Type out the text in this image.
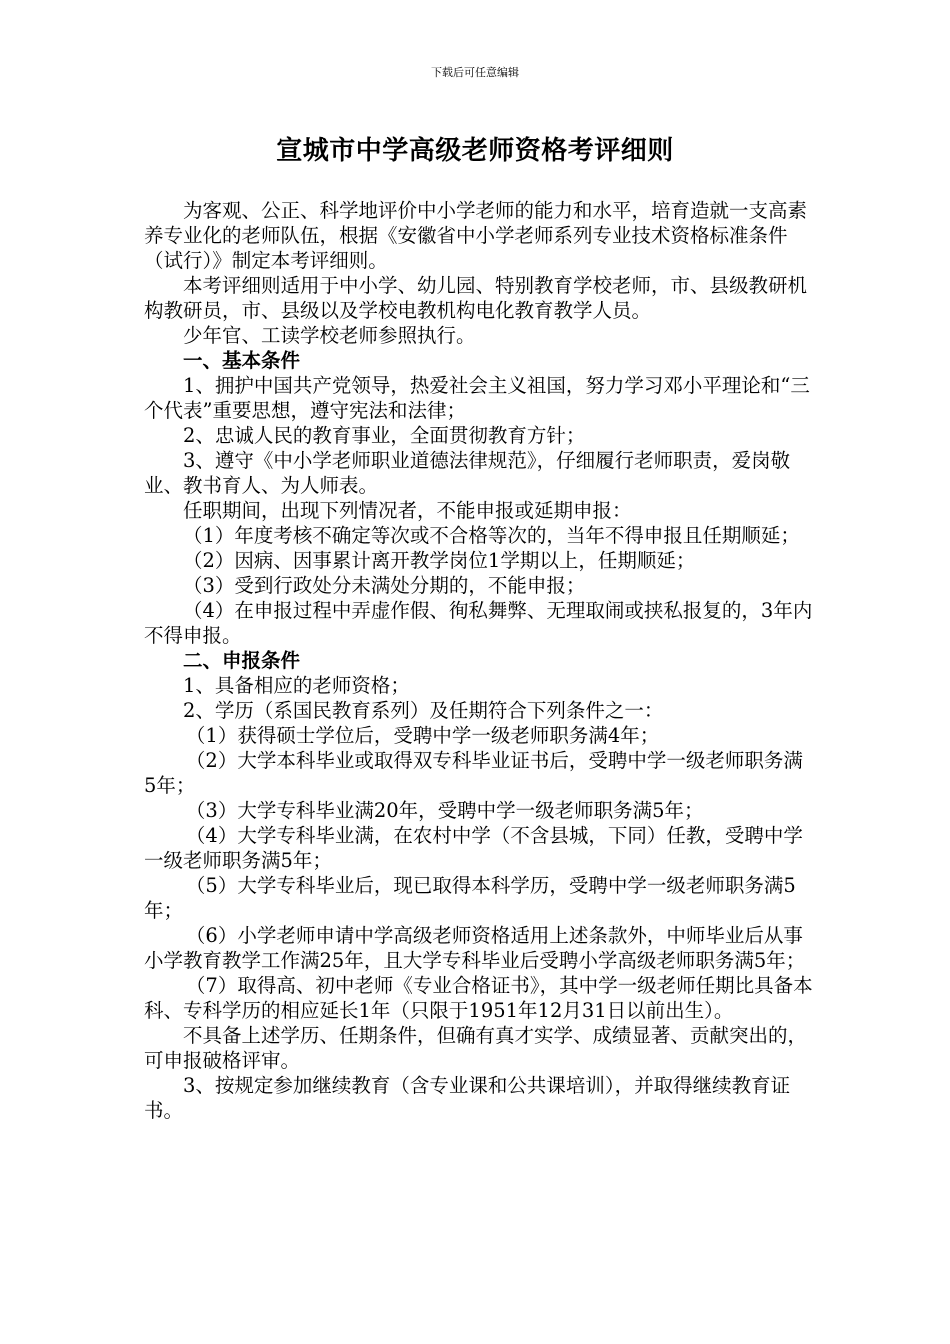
下载后可任意编辑
宣城市中学高级老师资格考评细则

为客观、公正、科学地评价中小学老师的能力和水平，培育造就一支高素养专业化的老师队伍，根据《安徽省中小学老师系列专业技术资格标准条件（试行）》制定本考评细则。

本考评细则适用于中小学、幼儿园、特别教育学校老师，市、县级教研机构教研员，市、县级以及学校电教机构电化教育教学人员。

少年官、工读学校老师参照执行。

一、基本条件

1、拥护中国共产党领导，热爱社会主义祖国，努力学习邓小平理论和“三个代表”重要思想，遵守宪法和法律；

2、忠诚人民的教育事业，全面贯彻教育方针；

3、遵守《中小学老师职业道德法律规范》，仔细履行老师职责，爱岗敬业、教书育人、为人师表。

任职期间，出现下列情况者，不能申报或延期申报：

（1）年度考核不确定等次或不合格等次的，当年不得申报且任期顺延；

（2）因病、因事累计离开教学岗位1学期以上，任期顺延；

（3）受到行政处分未满处分期的，不能申报；

（4）在申报过程中弄虚作假、徇私舞弊、无理取闹或挟私报复的，3年内不得申报。

二、申报条件

1、具备相应的老师资格；

2、学历（系国民教育系列）及任期符合下列条件之一：

（1）获得硕士学位后，受聘中学一级老师职务满4年；

（2）大学本科毕业或取得双专科毕业证书后，受聘中学一级老师职务满5年；

（3）大学专科毕业满20年，受聘中学一级老师职务满5年；

（4）大学专科毕业满，在农村中学（不含县城，下同）任教，受聘中学一级老师职务满5年；

（5）大学专科毕业后，现已取得本科学历，受聘中学一级老师职务满5年；

（6）小学老师申请中学高级老师资格适用上述条款外，中师毕业后从事小学教育教学工作满25年，且大学专科毕业后受聘小学高级老师职务满5年；

（7）取得高、初中老师《专业合格证书》，其中学一级老师任期比具备本科、专科学历的相应延长1年（只限于1951年12月31日以前出生）。

不具备上述学历、任期条件，但确有真才实学、成绩显著、贡献突出的，可申报破格评审。

3、按规定参加继续教育（含专业课和公共课培训），并取得继续教育证书。
